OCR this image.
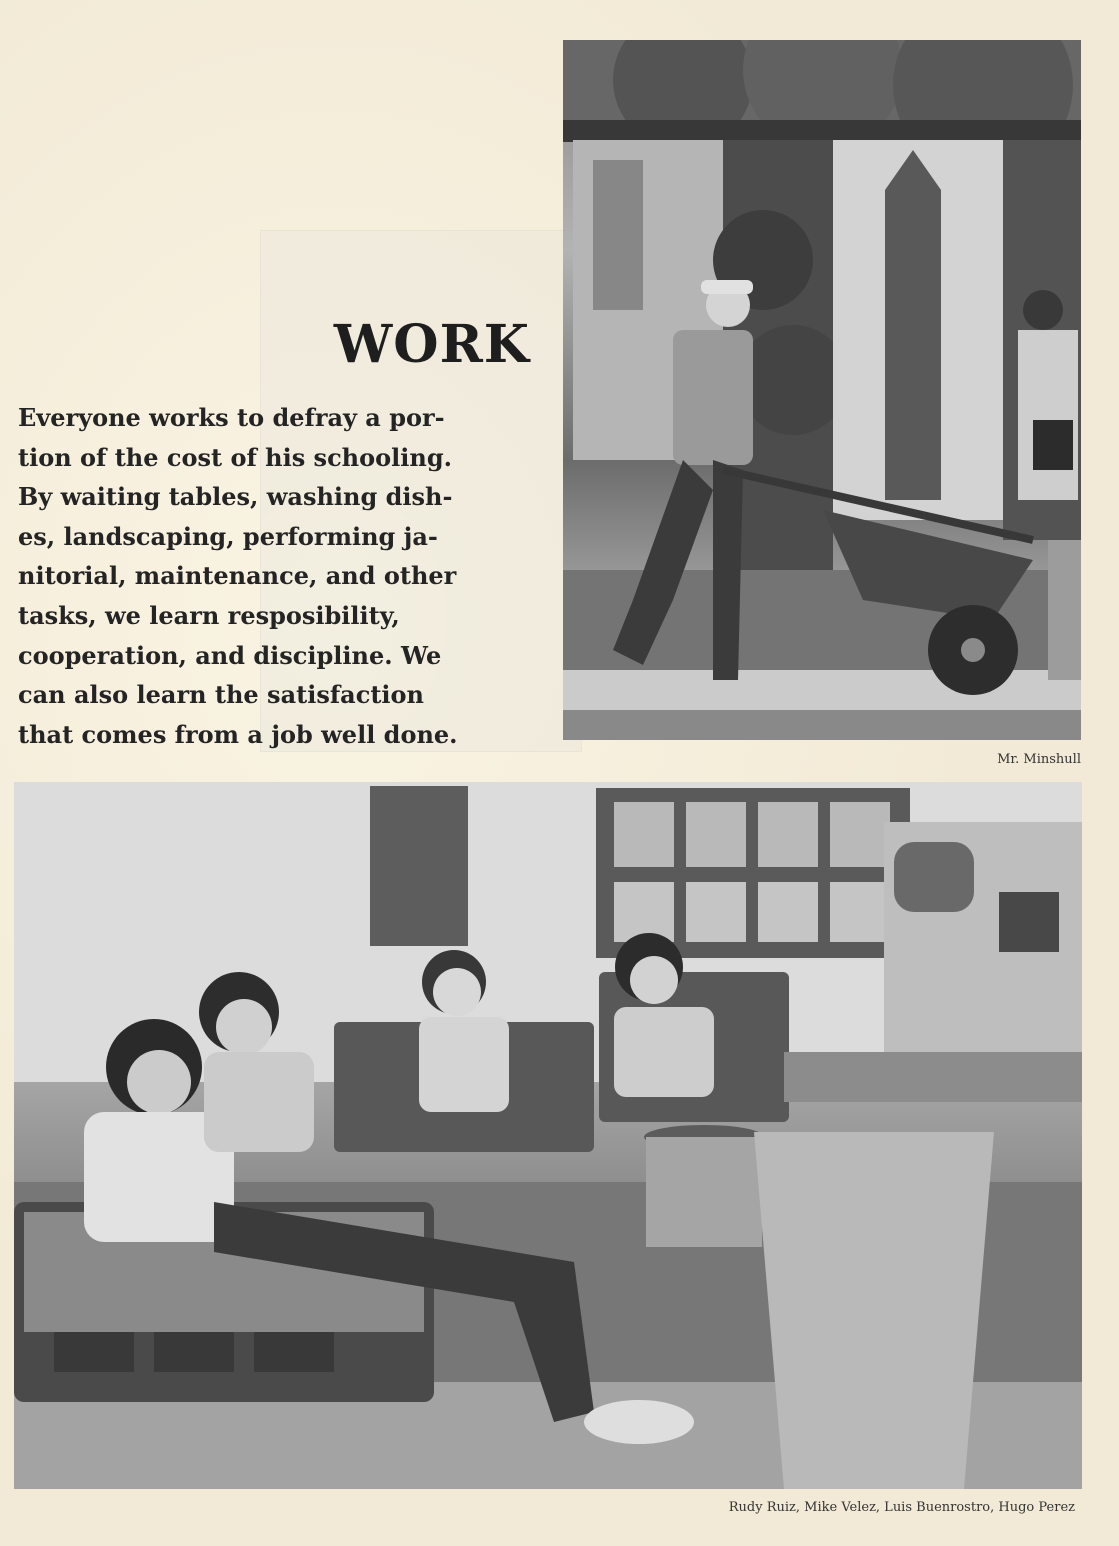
WORK
Everyone works to defray a por-
tion of the cost of his schooling.
By waiting tables, washing dish-
es, landscaping, performing ja-
nitorial, maintenance, and other
tasks, we learn resposibility,
cooperation, and discipline. We
can also learn the satisfaction
that comes from a job well done.
Mr. Minshull
Rudy Ruiz, Mike Velez, Luis Buenrostro, Hugo Perez
